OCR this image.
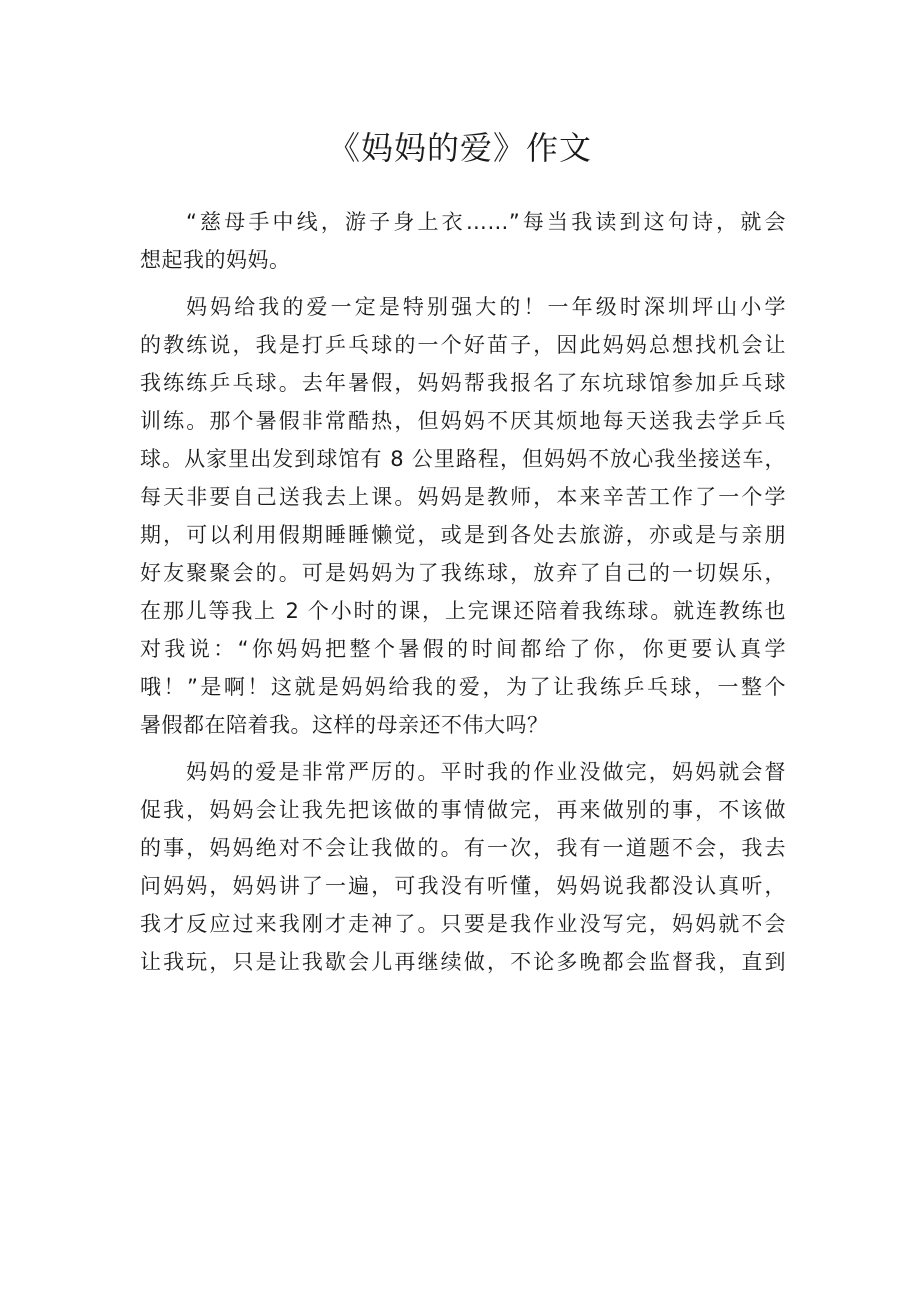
《妈妈的爱》作文

“慈母手中线，游子身上衣……”每当我读到这句诗，就会
想起我的妈妈。

妈妈给我的爱一定是特别强大的！一年级时深圳坪山小学
的教练说，我是打乒乓球的一个好苗子，因此妈妈总想找机会让
我练练乒乓球。去年暑假，妈妈帮我报名了东坑球馆参加乒乓球
训练。那个暑假非常酷热，但妈妈不厌其烦地每天送我去学乒乓
球。从家里出发到球馆有 8 公里路程，但妈妈不放心我坐接送车，
每天非要自己送我去上课。妈妈是教师，本来辛苦工作了一个学
期，可以利用假期睡睡懒觉，或是到各处去旅游，亦或是与亲朋
好友聚聚会的。可是妈妈为了我练球，放弃了自己的一切娱乐，
在那儿等我上 2 个小时的课，上完课还陪着我练球。就连教练也
对我说：“你妈妈把整个暑假的时间都给了你，你更要认真学
哦！”是啊！这就是妈妈给我的爱，为了让我练乒乓球，一整个
暑假都在陪着我。这样的母亲还不伟大吗？

妈妈的爱是非常严厉的。平时我的作业没做完，妈妈就会督
促我，妈妈会让我先把该做的事情做完，再来做别的事，不该做
的事，妈妈绝对不会让我做的。有一次，我有一道题不会，我去
问妈妈，妈妈讲了一遍，可我没有听懂，妈妈说我都没认真听，
我才反应过来我刚才走神了。只要是我作业没写完，妈妈就不会
让我玩，只是让我歇会儿再继续做，不论多晚都会监督我，直到
